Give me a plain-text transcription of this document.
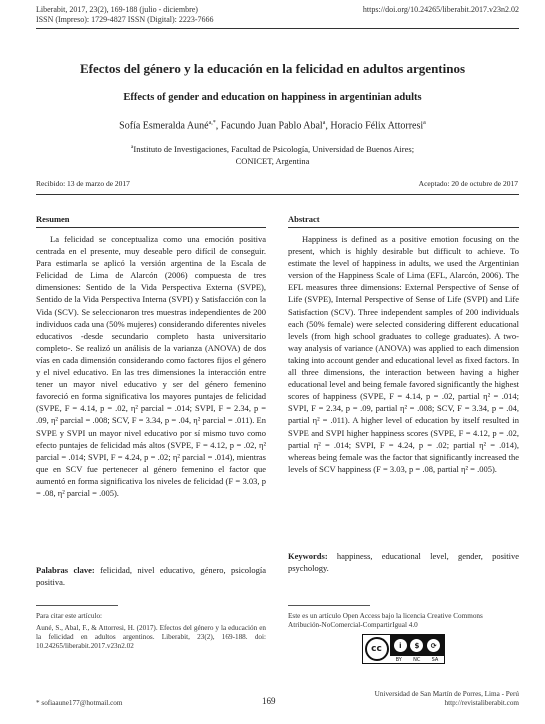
Liberabit, 2017, 23(2), 169-188 (julio - diciembre)
ISSN (Impreso): 1729-4827 ISSN (Digital): 2223-7666
https://doi.org/10.24265/liberabit.2017.v23n2.02
Efectos del género y la educación en la felicidad en adultos argentinos
Effects of gender and education on happiness in argentinian adults
Sofía Esmeralda Auné$^{a,*}$, Facundo Juan Pablo Abal$^a$, Horacio Félix Attorresi$^a$
$^a$Instituto de Investigaciones, Facultad de Psicología, Universidad de Buenos Aires;
CONICET, Argentina
Recibido: 13 de marzo de 2017	Aceptado: 20 de octubre de 2017
Resumen	Abstract

La felicidad se conceptualiza como una emoción positiva centrada en el presente, muy deseable pero difícil de conseguir. Para estimarla se aplicó la versión argentina de la Escala de Felicidad de Lima de Alarcón (2006) compuesta de tres dimensiones: Sentido de la Vida Perspectiva Externa (SVPE), Sentido de la Vida Perspectiva Interna (SVPI) y Satisfacción con la Vida (SCV). Se seleccionaron tres muestras independientes de 200 individuos cada una (50% mujeres) considerando diferentes niveles educativos -desde secundario completo hasta universitario completo-. Se realizó un análisis de la varianza (ANOVA) de dos vías en cada dimensión considerando como factores fijos el género y el nivel educativo. En las tres dimensiones la interacción entre tener un mayor nivel educativo y ser del género femenino favoreció en forma significativa los mayores puntajes de felicidad (SVPE, F = 4.14, p = .02, η² parcial = .014; SVPI, F = 2.34, p = .09, η² parcial = .008; SCV, F = 3.34, p = .04, η² parcial = .011). En SVPE y SVPI un mayor nivel educativo por sí mismo tuvo como efecto puntajes de felicidad más altos (SVPE, F = 4.12, p = .02, η² parcial = .014; SVPI, F = 4.24, p = .02; η² parcial = .014), mientras que en SCV fue pertenecer al género femenino el factor que aumentó en forma significativa los niveles de felicidad (F = 3.03, p = .08, η² parcial = .005).

Palabras clave: felicidad, nivel educativo, género, psicología positiva.

Happiness is defined as a positive emotion focusing on the present, which is highly desirable but difficult to achieve. To estimate the level of happiness in adults, we used the Argentinian version of the Happiness Scale of Lima (EFL, Alarcón, 2006). The EFL measures three dimensions: External Perspective of Sense of Life (SVPE), Internal Perspective of Sense of Life (SVPI) and Life Satisfaction (SCV). Three independent samples of 200 individuals each (50% female) were selected considering different educational levels (from high school graduates to college graduates). A two-way analysis of variance (ANOVA) was applied to each dimension taking into account gender and educational level as fixed factors. In all three dimensions, the interaction between having a higher educational level and being female favored significantly the highest scores of happiness (SVPE, F = 4.14, p = .02, partial η² = .014; SVPI, F = 2.34, p = .09, partial η² = .008; SCV, F = 3.34, p = .04, partial η² = .011). A higher level of education by itself resulted in SVPE and SVPI higher happiness scores (SVPE, F = 4.12, p = .02, partial η² = .014; SVPI, F = 4.24, p = .02; partial η² = .014), whereas being female was the factor that significantly increased the levels of SCV happiness (F = 3.03, p = .08, partial η² = .005).

Keywords: happiness, educational level, gender, positive psychology.
Para citar este artículo:
Auné, S., Abal, F., & Attorresi, H. (2017). Efectos del género y la educación en la felicidad en adultos argentinos. Liberabit, 23(2), 169-188. doi: 10.24265/liberabit.2017.v23n2.02
Este es un artículo Open Access bajo la licencia Creative Commons
Atribución-NoComercial-CompartirIgual 4.0
cc	i	$	⟳
BY NC SA
* sofiaaune177@hotmail.com	169
Universidad de San Martín de Porres, Lima - Perú
http://revistaliberabit.com
